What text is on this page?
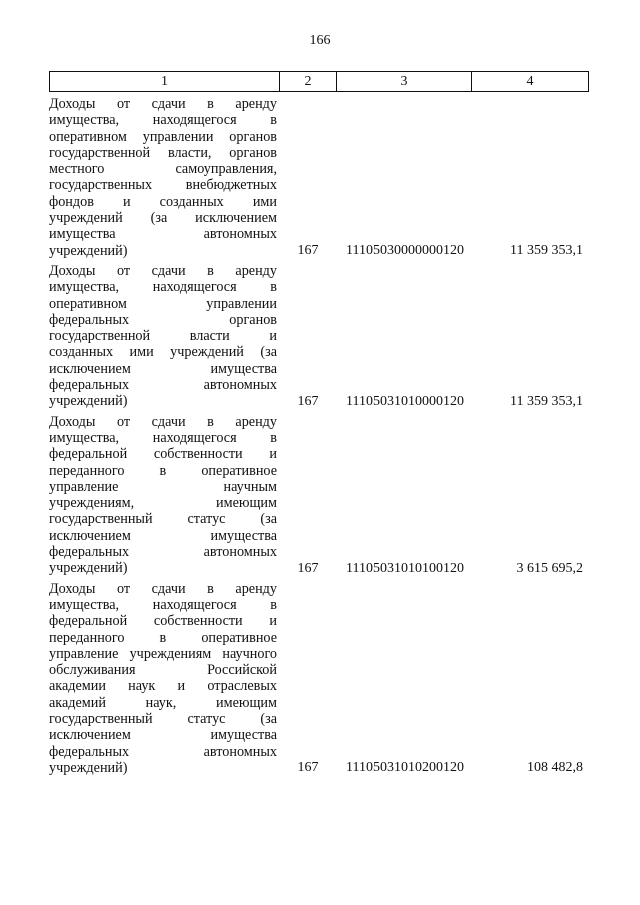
166
1	2	3	4
Доходы от сдачи в аренду
имущества, находящегося в
оперативном управлении органов
государственной власти, органов
местного самоуправления,
государственных внебюджетных
фондов и созданных ими
учреждений (за исключением
имущества автономных
учреждений)	167	11105030000000120	11 359 353,1
Доходы от сдачи в аренду
имущества, находящегося в
оперативном управлении
федеральных органов
государственной власти и
созданных ими учреждений (за
исключением имущества
федеральных автономных
учреждений)	167	11105031010000120	11 359 353,1
Доходы от сдачи в аренду
имущества, находящегося в
федеральной собственности и
переданного в оперативное
управление научным
учреждениям, имеющим
государственный статус (за
исключением имущества
федеральных автономных
учреждений)	167	11105031010100120	3 615 695,2
Доходы от сдачи в аренду
имущества, находящегося в
федеральной собственности и
переданного в оперативное
управление учреждениям научного
обслуживания Российской
академии наук и отраслевых
академий наук, имеющим
государственный статус (за
исключением имущества
федеральных автономных
учреждений)	167	11105031010200120	108 482,8
